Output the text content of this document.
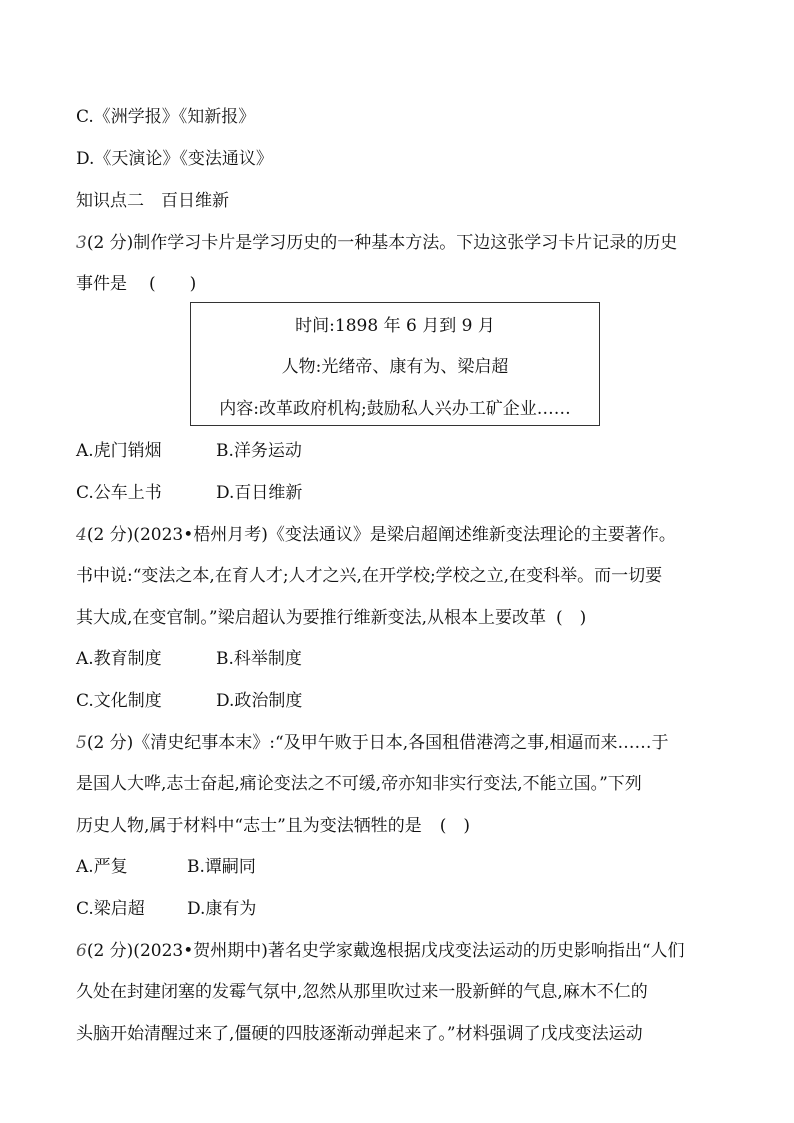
C.《洲学报》《知新报》
D.《天演论》《变法通议》
知识点二　百日维新
3(2 分)制作学习卡片是学习历史的一种基本方法。下边这张学习卡片记录的历史
事件是 (　　)
时间:1898 年 6 月到 9 月
人物:光绪帝、康有为、梁启超
内容:改革政府机构;鼓励私人兴办工矿企业……
A.虎门销烟	B.洋务运动
C.公车上书	D.百日维新
4(2 分)(2023•梧州月考)《变法通议》是梁启超阐述维新变法理论的主要著作。
书中说:“变法之本,在育人才;人才之兴,在开学校;学校之立,在变科举。而一切要
其大成,在变官制。”梁启超认为要推行维新变法,从根本上要改革 (　)
A.教育制度	B.科举制度
C.文化制度	D.政治制度
5(2 分)《清史纪事本末》:“及甲午败于日本,各国租借港湾之事,相逼而来……于
是国人大哗,志士奋起,痛论变法之不可缓,帝亦知非实行变法,不能立国。”下列
历史人物,属于材料中“志士”且为变法牺牲的是 (　)
A.严复	B.谭嗣同
C.梁启超 D.康有为
6(2 分)(2023•贺州期中)著名史学家戴逸根据戊戌变法运动的历史影响指出“人们
久处在封建闭塞的发霉气氛中,忽然从那里吹过来一股新鲜的气息,麻木不仁的
头脑开始清醒过来了,僵硬的四肢逐渐动弹起来了。”材料强调了戊戌变法运动
